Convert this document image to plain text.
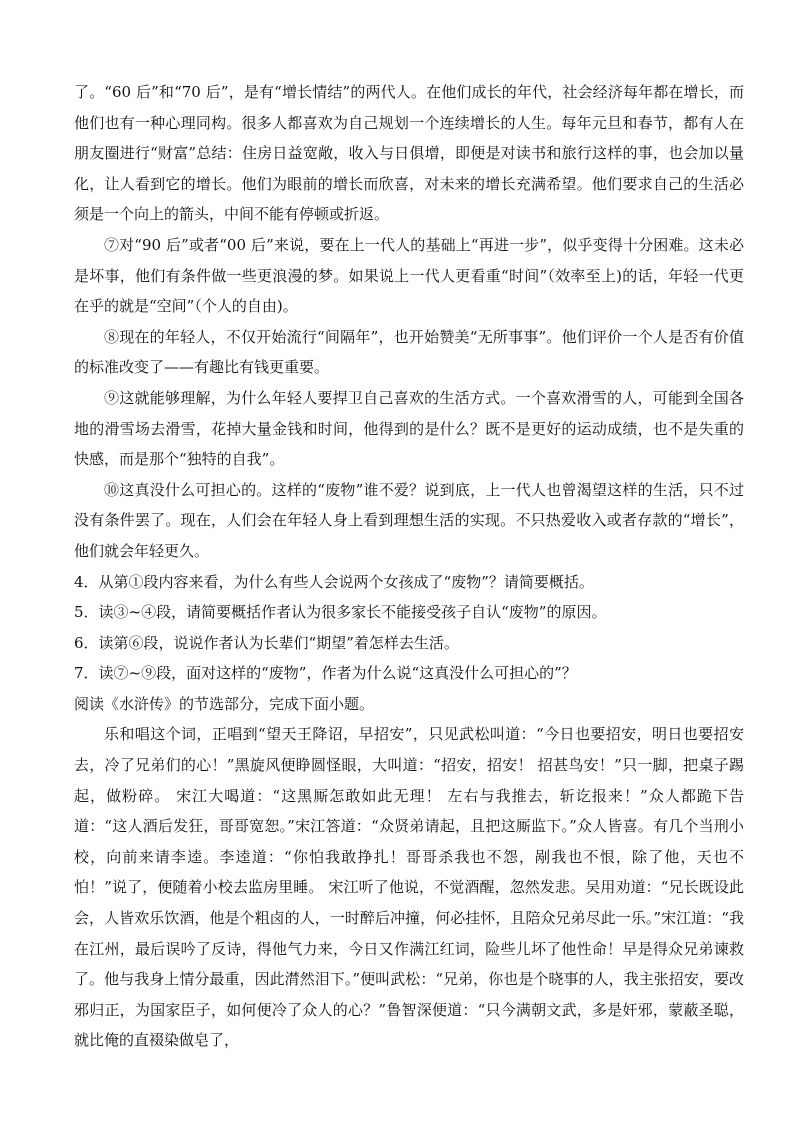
了。“60 后”和“70 后”，是有“增长情结”的两代人。在他们成长的年代，社会经济每年都在增长，而他们也有一种心理同构。很多人都喜欢为自己规划一个连续增长的人生。每年元旦和春节，都有人在朋友圈进行“财富”总结：住房日益宽敞，收入与日俱增，即便是对读书和旅行这样的事，也会加以量化，让人看到它的增长。他们为眼前的增长而欣喜，对未来的增长充满希望。他们要求自己的生活必须是一个向上的箭头，中间不能有停顿或折返。

⑦对“90 后”或者“00 后”来说，要在上一代人的基础上“再进一步”，似乎变得十分困难。这未必是坏事，他们有条件做一些更浪漫的梦。如果说上一代人更看重“时间”（效率至上)的话，年轻一代更在乎的就是“空间”（个人的自由)。

⑧现在的年轻人，不仅开始流行“间隔年”，也开始赞美“无所事事”。他们评价一个人是否有价值的标准改变了——有趣比有钱更重要。

⑨这就能够理解，为什么年轻人要捍卫自己喜欢的生活方式。一个喜欢滑雪的人，可能到全国各地的滑雪场去滑雪，花掉大量金钱和时间，他得到的是什么？既不是更好的运动成绩，也不是失重的快感，而是那个“独特的自我”。

⑩这真没什么可担心的。这样的“废物”谁不爱？说到底，上一代人也曾渴望这样的生活，只不过没有条件罢了。现在，人们会在年轻人身上看到理想生活的实现。不只热爱收入或者存款的“增长”，他们就会年轻更久。

4．从第①段内容来看，为什么有些人会说两个女孩成了“废物”？请简要概括。

5．读③~④段，请简要概括作者认为很多家长不能接受孩子自认“废物”的原因。

6．读第⑥段，说说作者认为长辈们“期望”着怎样去生活。

7．读⑦~⑨段，面对这样的“废物”，作者为什么说“这真没什么可担心的”？

阅读《水浒传》的节选部分，完成下面小题。

乐和唱这个词，正唱到“望天王降诏，早招安”，只见武松叫道：“今日也要招安，明日也要招安去，冷了兄弟们的心！”黑旋风便睁圆怪眼，大叫道：“招安，招安！ 招甚鸟安！”只一脚，把桌子踢起，做粉碎。 宋江大喝道：“这黑厮怎敢如此无理！ 左右与我推去，斩讫报来！”众人都跪下告道：“这人酒后发狂，哥哥宽恕。”宋江答道：“众贤弟请起，且把这厮监下。”众人皆喜。有几个当刑小校，向前来请李逵。李逵道：“你怕我敢挣扎！哥哥杀我也不怨，剐我也不恨，除了他，天也不怕！”说了，便随着小校去监房里睡。 宋江听了他说，不觉酒醒，忽然发悲。吴用劝道：“兄长既设此会，人皆欢乐饮酒，他是个粗卤的人，一时醉后冲撞，何必挂怀，且陪众兄弟尽此一乐。”宋江道：“我在江州，最后误吟了反诗，得他气力来，今日又作满江红词，险些儿坏了他性命！早是得众兄弟谏救了。他与我身上情分最重，因此潸然泪下。”便叫武松：“兄弟，你也是个晓事的人，我主张招安，要改邪归正，为国家臣子，如何便冷了众人的心？”鲁智深便道：“只今满朝文武，多是奸邪，蒙蔽圣聪，就比俺的直裰染做皂了，
